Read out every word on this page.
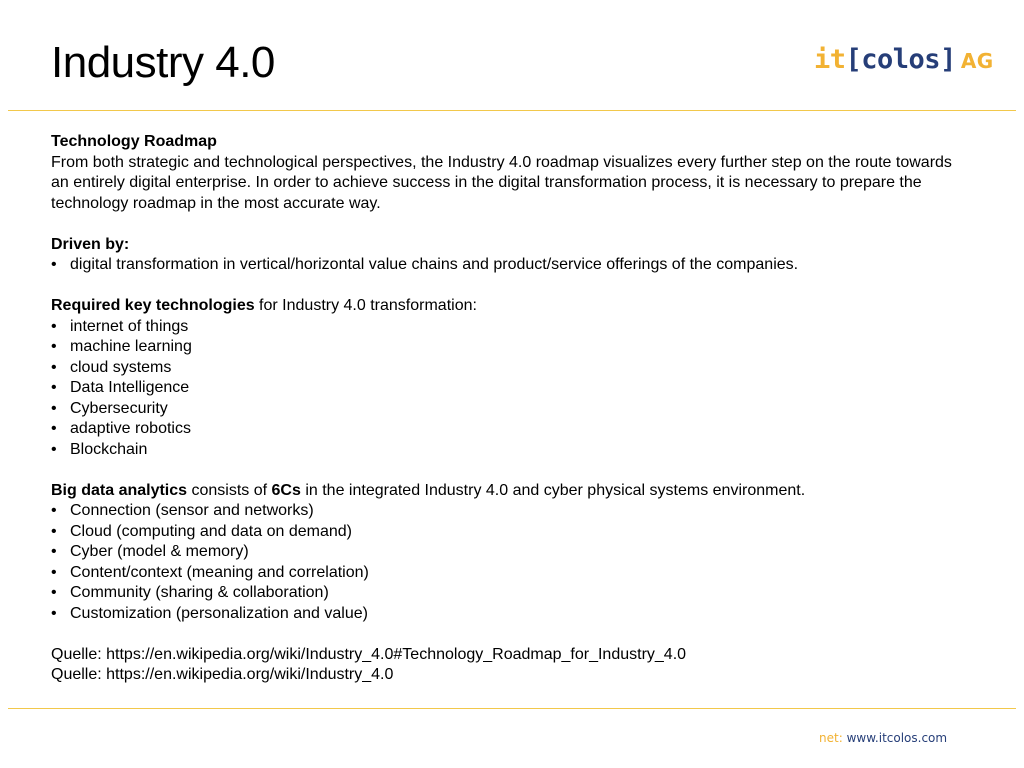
Industry 4.0	it[colos] AG

Technology Roadmap

From both strategic and technological perspectives, the Industry 4.0 roadmap visualizes every further step on the route towards an entirely digital enterprise. In order to achieve success in the digital transformation process, it is necessary to prepare the technology roadmap in the most accurate way.

Driven by:

• digital transformation in vertical/horizontal value chains and product/service offerings of the companies.

Required key technologies for Industry 4.0 transformation:

• internet of things
• machine learning
• cloud systems
• Data Intelligence
• Cybersecurity
• adaptive robotics
• Blockchain

Big data analytics consists of 6Cs in the integrated Industry 4.0 and cyber physical systems environment.

• Connection (sensor and networks)
• Cloud (computing and data on demand)
• Cyber (model & memory)
• Content/context (meaning and correlation)
• Community (sharing & collaboration)
• Customization (personalization and value)

Quelle: https://en.wikipedia.org/wiki/Industry_4.0#Technology_Roadmap_for_Industry_4.0

Quelle: https://en.wikipedia.org/wiki/Industry_4.0

net: www.itcolos.com
